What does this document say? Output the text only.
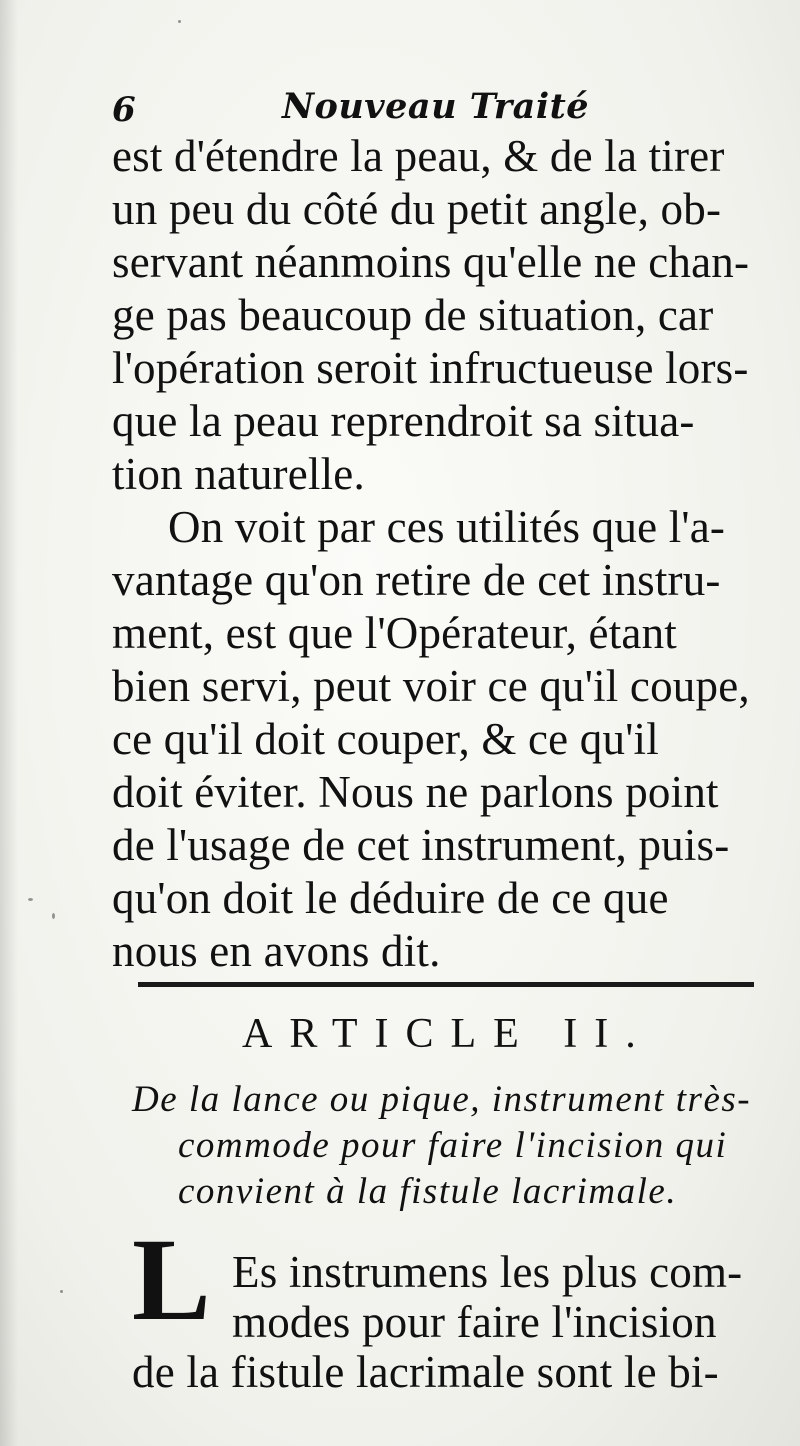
6	Nouveau Traité
est d'étendre la peau, & de la tirer
un peu du côté du petit angle, ob-
servant néanmoins qu'elle ne chan-
ge pas beaucoup de situation, car
l'opération seroit infructueuse lors-
que la peau reprendroit sa situa-
tion naturelle.
On voit par ces utilités que l'a-
vantage qu'on retire de cet instru-
ment, est que l'Opérateur, étant
bien servi, peut voir ce qu'il coupe,
ce qu'il doit couper, & ce qu'il
doit éviter. Nous ne parlons point
de l'usage de cet instrument, puis-
qu'on doit le déduire de ce que
nous en avons dit.
ARTICLE II.
De la lance ou pique, instrument très-
commode pour faire l'incision qui
convient à la fistule lacrimale.
L Es instrumens les plus com-
modes pour faire l'incision
de la fistule lacrimale sont le bi-
